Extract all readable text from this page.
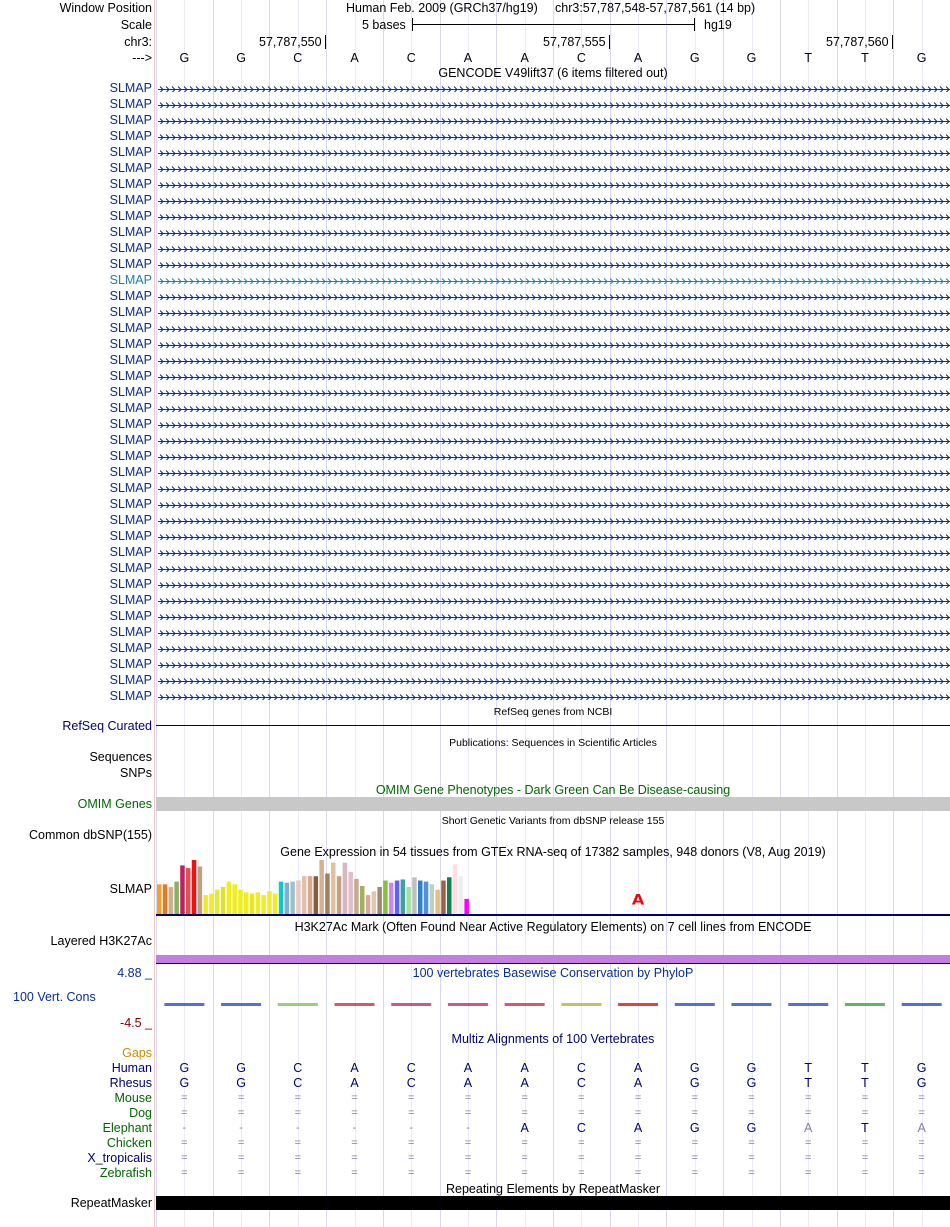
Window Position	Human Feb. 2009 (GRCh37/hg19) chr3:57,787,548-57,787,561 (14 bp)
Scale	5 bases	hg19
chr3:	57,787,550	57,787,555	57,787,560
--->	G	G	C	A	C	A	A	C	A	G	G	T	T	G
GENCODE V49lift37 (6 items filtered out)
SLMAP
SLMAP
SLMAP
SLMAP
SLMAP
SLMAP
SLMAP
SLMAP
SLMAP
SLMAP
SLMAP
SLMAP
SLMAP
SLMAP
SLMAP
SLMAP
SLMAP
SLMAP
SLMAP
SLMAP
SLMAP
SLMAP
SLMAP
SLMAP
SLMAP
SLMAP
SLMAP
SLMAP
SLMAP
SLMAP
SLMAP
SLMAP
SLMAP
SLMAP
SLMAP
SLMAP
SLMAP
SLMAP
SLMAP
RefSeq genes from NCBI
RefSeq Curated
Publications: Sequences in Scientific Articles
Sequences
SNPs
OMIM Gene Phenotypes - Dark Green Can Be Disease-causing
OMIM Genes
Short Genetic Variants from dbSNP release 155
Common dbSNP(155)
Gene Expression in 54 tissues from GTEx RNA-seq of 17382 samples, 948 donors (V8, Aug 2019)
SLMAP
H3K27Ac Mark (Often Found Near Active Regulatory Elements) on 7 cell lines from ENCODE
Layered H3K27Ac
100 vertebrates Basewise Conservation by PhyloP
4.88 _
100 Vert. Cons
-4.5 _
A
Multiz Alignments of 100 Vertebrates
Gaps
Human	G	G	C	A	C	A	A	C	A	G	G	T	T	G
Rhesus	G	G	C	A	C	A	A	C	A	G	G	T	T	G
Mouse	=	=	=	=	=	=	=	=	=	=	=	=	=	=
Dog	=	=	=	=	=	=	=	=	=	=	=	=	=	=
Elephant	-	-	-	-	-	-	A	C	A	G	G	A	T	A
Chicken	=	=	=	=	=	=	=	=	=	=	=	=	=	=
X_tropicalis	=	=	=	=	=	=	=	=	=	=	=	=	=	=
Zebrafish	=	=	=	=	=	=	=	=	=	=	=	=	=	=
Repeating Elements by RepeatMasker
RepeatMasker
